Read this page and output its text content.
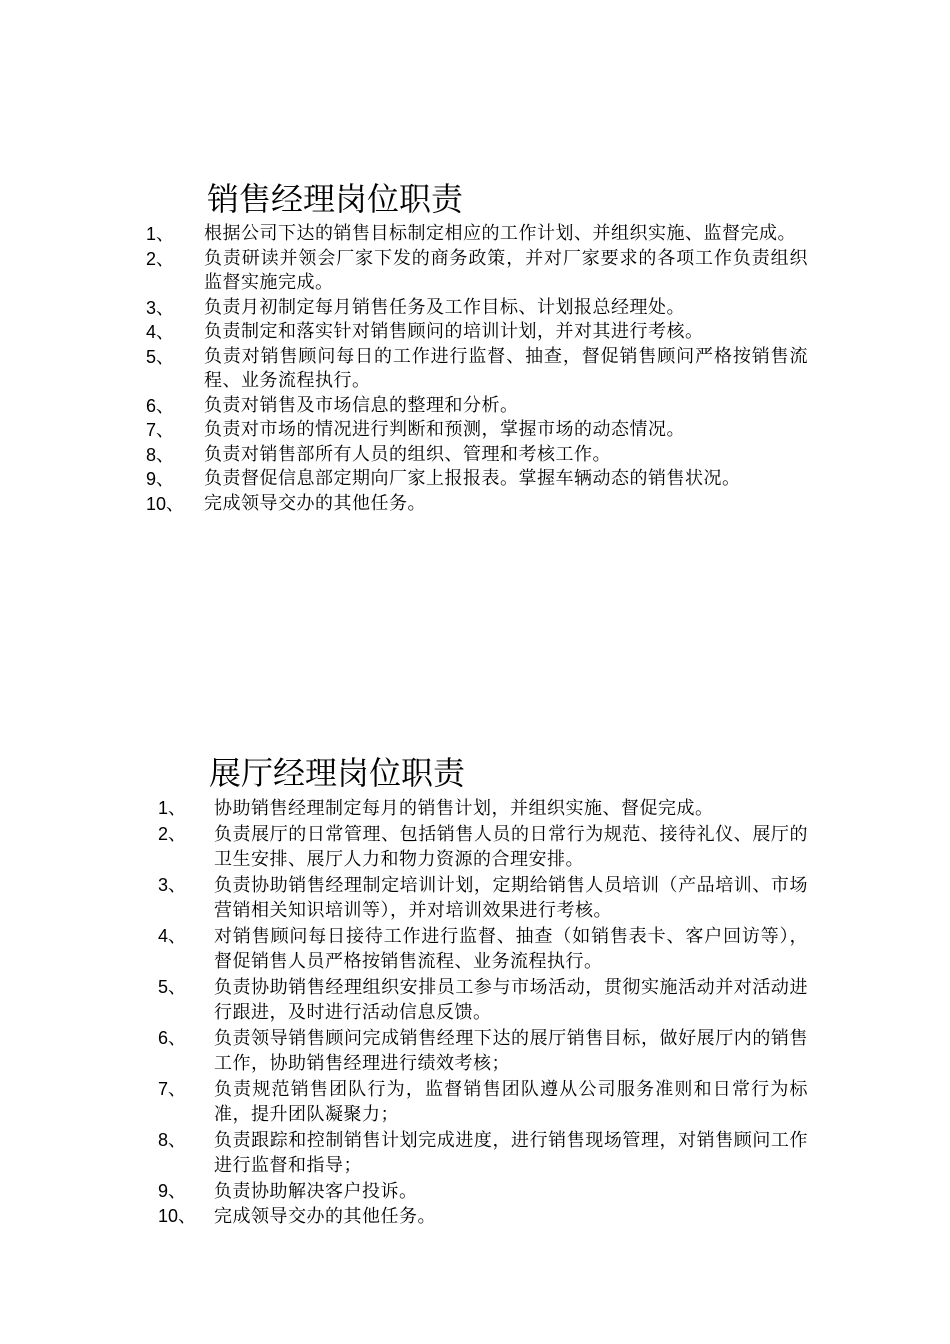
销售经理岗位职责
1、	根据公司下达的销售目标制定相应的工作计划、并组织实施、监督完成。
2、	负责研读并领会厂家下发的商务政策，并对厂家要求的各项工作负责组织监督实施完成。
3、	负责月初制定每月销售任务及工作目标、计划报总经理处。
4、	负责制定和落实针对销售顾问的培训计划，并对其进行考核。
5、	负责对销售顾问每日的工作进行监督、抽查，督促销售顾问严格按销售流程、业务流程执行。
6、	负责对销售及市场信息的整理和分析。
7、	负责对市场的情况进行判断和预测，掌握市场的动态情况。
8、	负责对销售部所有人员的组织、管理和考核工作。
9、	负责督促信息部定期向厂家上报报表。掌握车辆动态的销售状况。
10、	完成领导交办的其他任务。
展厅经理岗位职责
1、	协助销售经理制定每月的销售计划，并组织实施、督促完成。
2、	负责展厅的日常管理、包括销售人员的日常行为规范、接待礼仪、展厅的卫生安排、展厅人力和物力资源的合理安排。
3、	负责协助销售经理制定培训计划，定期给销售人员培训（产品培训、市场营销相关知识培训等），并对培训效果进行考核。
4、	对销售顾问每日接待工作进行监督、抽查（如销售表卡、客户回访等），督促销售人员严格按销售流程、业务流程执行。
5、	负责协助销售经理组织安排员工参与市场活动，贯彻实施活动并对活动进行跟进，及时进行活动信息反馈。
6、	负责领导销售顾问完成销售经理下达的展厅销售目标，做好展厅内的销售工作，协助销售经理进行绩效考核；
7、	负责规范销售团队行为，监督销售团队遵从公司服务准则和日常行为标准，提升团队凝聚力；
8、	负责跟踪和控制销售计划完成进度，进行销售现场管理，对销售顾问工作进行监督和指导；
9、	负责协助解决客户投诉。
10、 完成领导交办的其他任务。
